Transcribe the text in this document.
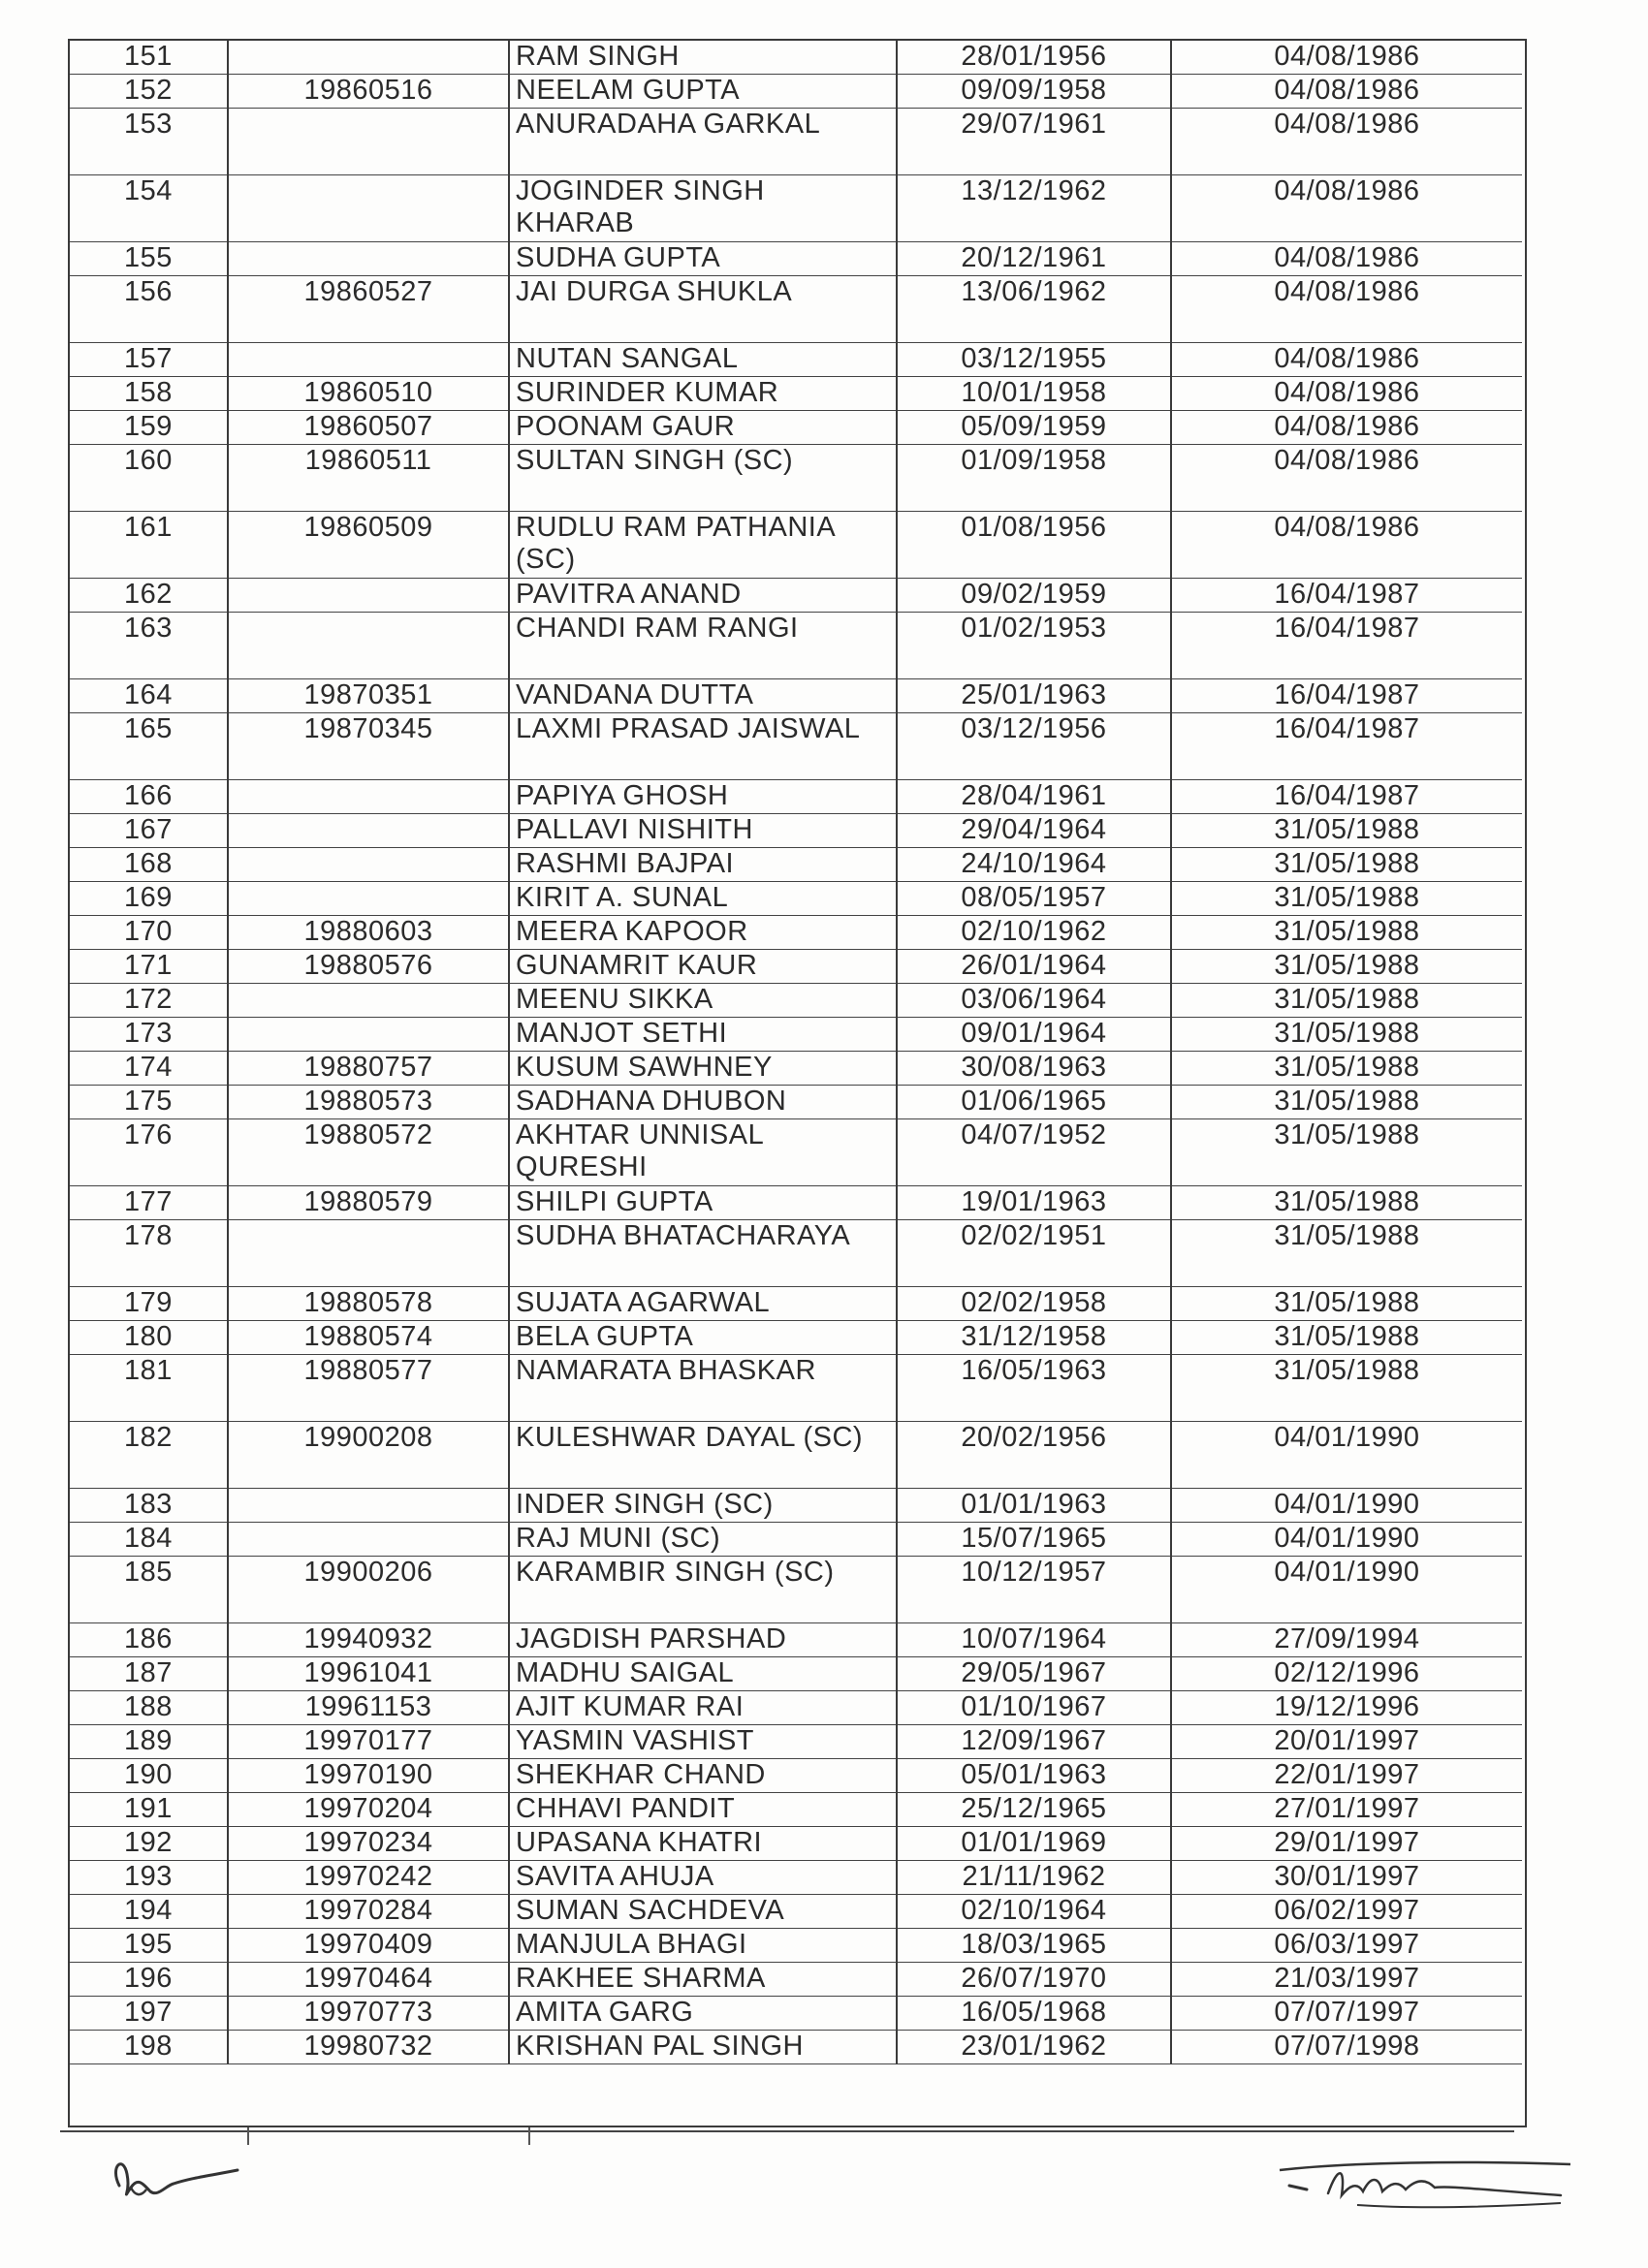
151		RAM SINGH	28/01/1956	04/08/1986
152	19860516	NEELAM GUPTA	09/09/1958	04/08/1986
153		ANURADAHA GARKAL	29/07/1961	04/08/1986
154		JOGINDER SINGH KHARAB	13/12/1962	04/08/1986
155		SUDHA GUPTA	20/12/1961	04/08/1986
156	19860527	JAI DURGA SHUKLA	13/06/1962	04/08/1986
157		NUTAN SANGAL	03/12/1955	04/08/1986
158	19860510	SURINDER KUMAR	10/01/1958	04/08/1986
159	19860507	POONAM GAUR	05/09/1959	04/08/1986
160	19860511	SULTAN SINGH (SC)	01/09/1958	04/08/1986
161	19860509	RUDLU RAM PATHANIA (SC)	01/08/1956	04/08/1986
162		PAVITRA ANAND	09/02/1959	16/04/1987
163		CHANDI RAM RANGI	01/02/1953	16/04/1987
164	19870351	VANDANA DUTTA	25/01/1963	16/04/1987
165	19870345	LAXMI PRASAD JAISWAL	03/12/1956	16/04/1987
166		PAPIYA GHOSH	28/04/1961	16/04/1987
167		PALLAVI NISHITH	29/04/1964	31/05/1988
168		RASHMI BAJPAI	24/10/1964	31/05/1988
169		KIRIT A. SUNAL	08/05/1957	31/05/1988
170	19880603	MEERA KAPOOR	02/10/1962	31/05/1988
171	19880576	GUNAMRIT KAUR	26/01/1964	31/05/1988
172		MEENU SIKKA	03/06/1964	31/05/1988
173		MANJOT SETHI	09/01/1964	31/05/1988
174	19880757	KUSUM SAWHNEY	30/08/1963	31/05/1988
175	19880573	SADHANA DHUBON	01/06/1965	31/05/1988
176	19880572	AKHTAR UNNISAL QURESHI	04/07/1952	31/05/1988
177	19880579	SHILPI GUPTA	19/01/1963	31/05/1988
178		SUDHA BHATACHARAYA	02/02/1951	31/05/1988
179	19880578	SUJATA AGARWAL	02/02/1958	31/05/1988
180	19880574	BELA GUPTA	31/12/1958	31/05/1988
181	19880577	NAMARATA BHASKAR	16/05/1963	31/05/1988
182	19900208	KULESHWAR DAYAL (SC)	20/02/1956	04/01/1990
183		INDER SINGH (SC)	01/01/1963	04/01/1990
184		RAJ MUNI (SC)	15/07/1965	04/01/1990
185	19900206	KARAMBIR SINGH (SC)	10/12/1957	04/01/1990
186	19940932	JAGDISH PARSHAD	10/07/1964	27/09/1994
187	19961041	MADHU SAIGAL	29/05/1967	02/12/1996
188	19961153	AJIT KUMAR RAI	01/10/1967	19/12/1996
189	19970177	YASMIN VASHIST	12/09/1967	20/01/1997
190	19970190	SHEKHAR CHAND	05/01/1963	22/01/1997
191	19970204	CHHAVI PANDIT	25/12/1965	27/01/1997
192	19970234	UPASANA KHATRI	01/01/1969	29/01/1997
193	19970242	SAVITA AHUJA	21/11/1962	30/01/1997
194	19970284	SUMAN SACHDEVA	02/10/1964	06/02/1997
195	19970409	MANJULA BHAGI	18/03/1965	06/03/1997
196	19970464	RAKHEE SHARMA	26/07/1970	21/03/1997
197	19970773	AMITA GARG	16/05/1968	07/07/1997
198	19980732	KRISHAN PAL SINGH	23/01/1962	07/07/1998
